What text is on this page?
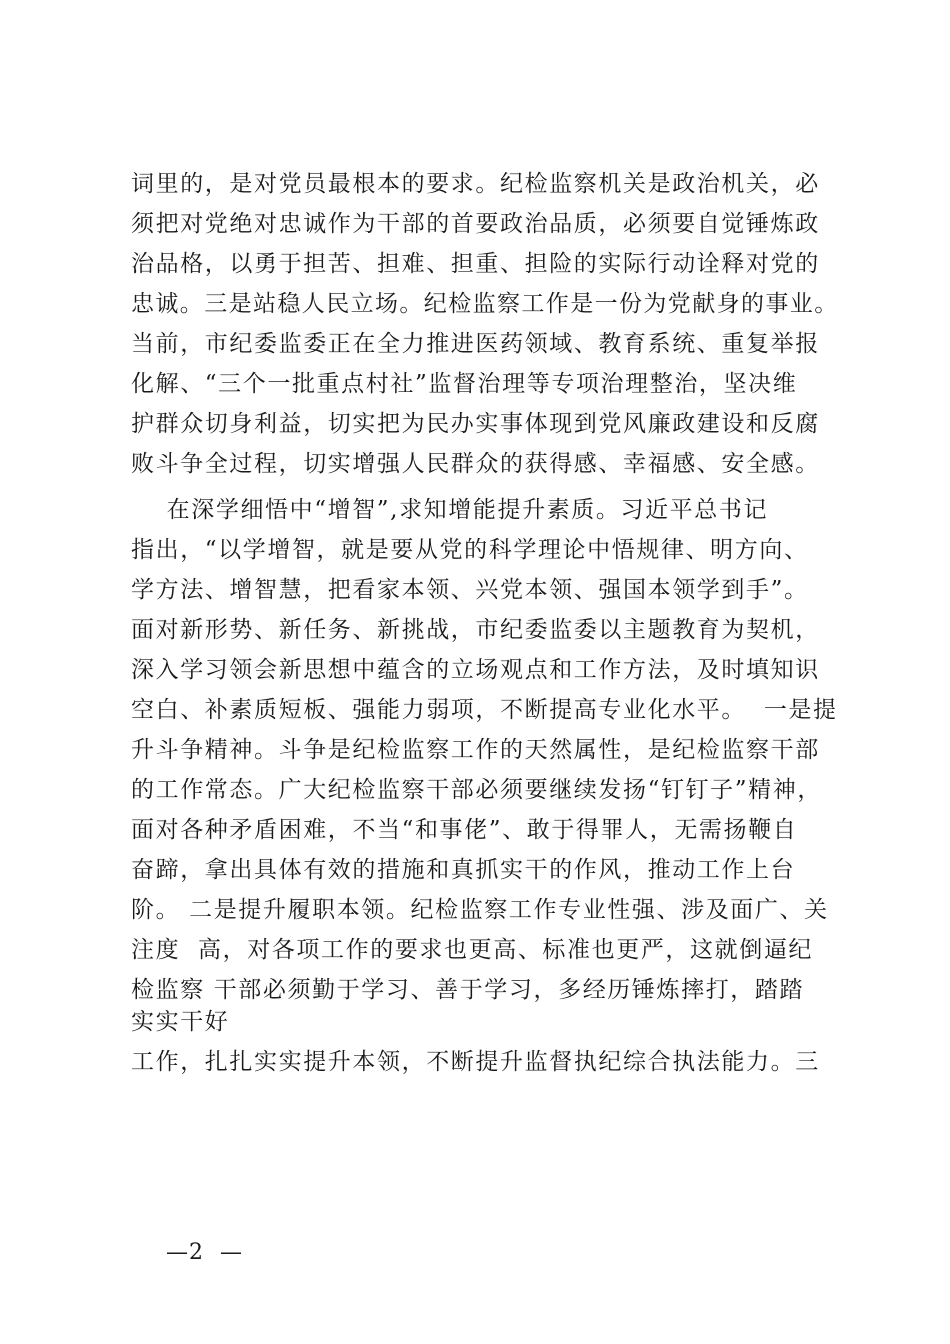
词里的，是对党员最根本的要求。纪检监察机关是政治机关，必
须把对党绝对忠诚作为干部的首要政治品质，必须要自觉锤炼政
治品格，以勇于担苦、担难、担重、担险的实际行动诠释对党的
忠诚。三是站稳人民立场。纪检监察工作是一份为党献身的事业。
当前，市纪委监委正在全力推进医药领域、教育系统、重复举报
化解、“三个一批重点村社”监督治理等专项治理整治，坚决维
护群众切身利益，切实把为民办实事体现到党风廉政建设和反腐
败斗争全过程，切实增强人民群众的获得感、幸福感、安全感。
在深学细悟中“增智”,求知增能提升素质。习近平总书记
指出，“以学增智，就是要从党的科学理论中悟规律、明方向、
学方法、增智慧，把看家本领、兴党本领、强国本领学到手”。
面对新形势、新任务、新挑战，市纪委监委以主题教育为契机，
深入学习领会新思想中蕴含的立场观点和工作方法，及时填知识
空白、补素质短板、强能力弱项，不断提高专业化水平。  一是提
升斗争精神。斗争是纪检监察工作的天然属性，是纪检监察干部
的工作常态。广大纪检监察干部必须要继续发扬“钉钉子”精神，
面对各种矛盾困难，不当“和事佬”、敢于得罪人，无需扬鞭自
奋蹄，拿出具体有效的措施和真抓实干的作风，推动工作上台
阶。 二是提升履职本领。纪检监察工作专业性强、涉及面广、关
注度  高，对各项工作的要求也更高、标准也更严，这就倒逼纪
检监察 干部必须勤于学习、善于学习，多经历锤炼摔打，踏踏
实实干好
工作，扎扎实实提升本领，不断提升监督执纪综合执法能力。三
—2  —
